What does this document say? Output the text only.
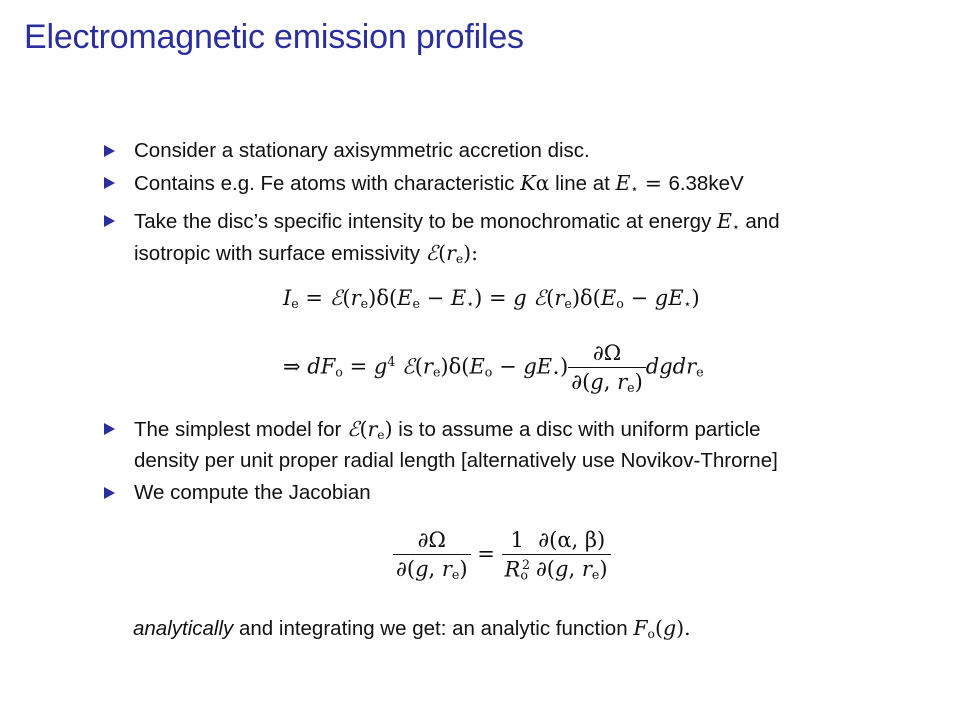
Electromagnetic emission profiles
Consider a stationary axisymmetric accretion disc.
Contains e.g. Fe atoms with characteristic Kα line at $E_⋆ = 6.38keV$
Take the disc’s specific intensity to be monochromatic at energy $E_⋆$ and
isotropic with surface emissivity $ℰ(r_e)$:
$I_e$ = $ℰ(r_e)\delta(E_e - E_⋆) = g$ $ℰ(r_e)\delta(E_o - gE_⋆)$
⇒ $dF_o = g^4$ $ℰ(r_e)\delta(E_o - gE_⋆) \frac{\partial\Omega}{\partial(g, r_e)}$ dgdr$_e$
The simplest model for $ℰ(r_e)$ is to assume a disc with uniform particle
density per unit proper radial length [alternatively use Novikov-Throrne]
We compute the Jacobian
$\frac{\partial\Omega}{\partial(g, r_e)} = \frac{1}{R_o^2} \frac{\partial(\alpha, \beta)}{\partial(g, r_e)}$
analytically and integrating we get: an analytic function $F_o(g)$.
